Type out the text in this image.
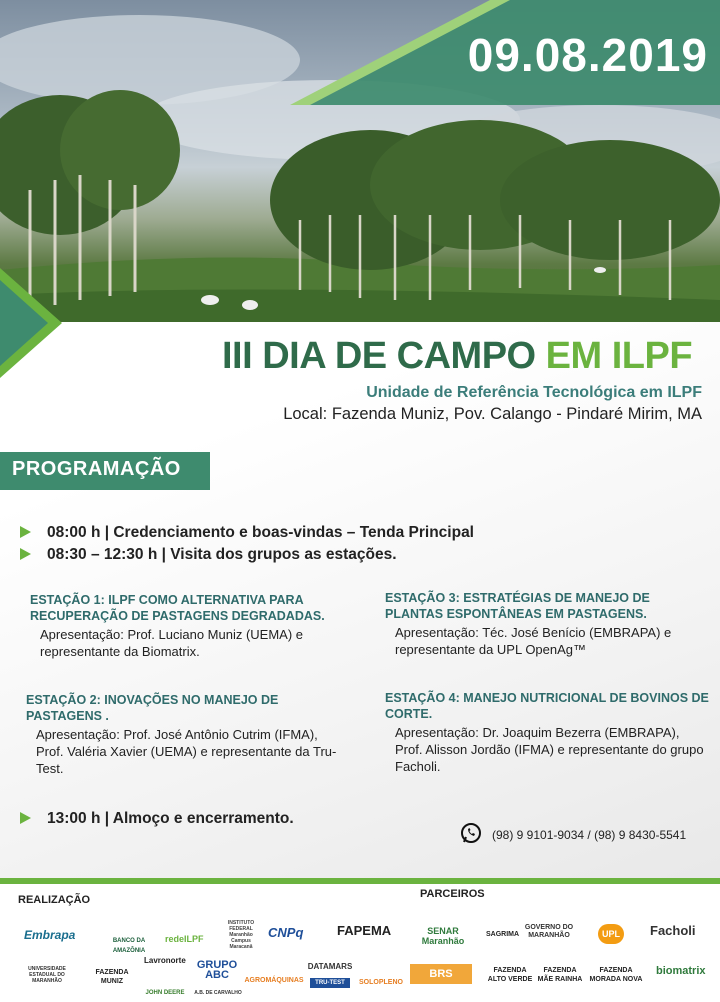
09.08.2019
III DIA DE CAMPO EM ILPF
Unidade de Referência Tecnológica em ILPF
Local: Fazenda Muniz, Pov. Calango - Pindaré Mirim, MA
PROGRAMAÇÃO
08:00 h | Credenciamento e boas-vindas – Tenda Principal
08:30 – 12:30 h | Visita dos grupos as estações.
ESTAÇÃO 1: ILPF COMO ALTERNATIVA PARA RECUPERAÇÃO DE PASTAGENS DEGRADADAS.
Apresentação: Prof. Luciano Muniz (UEMA) e representante da Biomatrix.
ESTAÇÃO 3: ESTRATÉGIAS DE MANEJO DE PLANTAS ESPONTÂNEAS EM PASTAGENS.
Apresentação: Téc. José Benício (EMBRAPA) e representante da UPL OpenAg™
ESTAÇÃO 2: INOVAÇÕES NO MANEJO DE PASTAGENS .
Apresentação: Prof. José Antônio Cutrim (IFMA), Prof. Valéria Xavier (UEMA) e representante da Tru-Test.
ESTAÇÃO 4: MANEJO NUTRICIONAL DE BOVINOS DE CORTE.
Apresentação: Dr. Joaquim Bezerra (EMBRAPA), Prof. Alisson Jordão (IFMA) e representante do grupo Facholi.
13:00 h | Almoço e encerramento.
(98) 9 9101-9034 / (98) 9 8430-5541
REALIZAÇÃO	PARCEIROS
Embrapa	BANCO DA AMAZÔNIA
redeILPF
INSTITUTO FEDERAL Maranhão Campus Maracanã
CNPq	FAPEMA	SENAR Maranhão
SAGRIMA
GOVERNO DO MARANHÃO	UPL	Facholi
UNIVERSIDADE ESTADUAL DO MARANHÃO
FAZENDA MUNIZ
Lavronorte
JOHN DEERE
GRUPO ABC
A.B. DE CARVALHO
AGROMÁQUINAS
DATAMARS
TRU-TEST	SOLOPLENO
BRS	FAZENDA ALTO VERDE
FAZENDA MÃE RAINHA
FAZENDA MORADA NOVA
biomatrix
